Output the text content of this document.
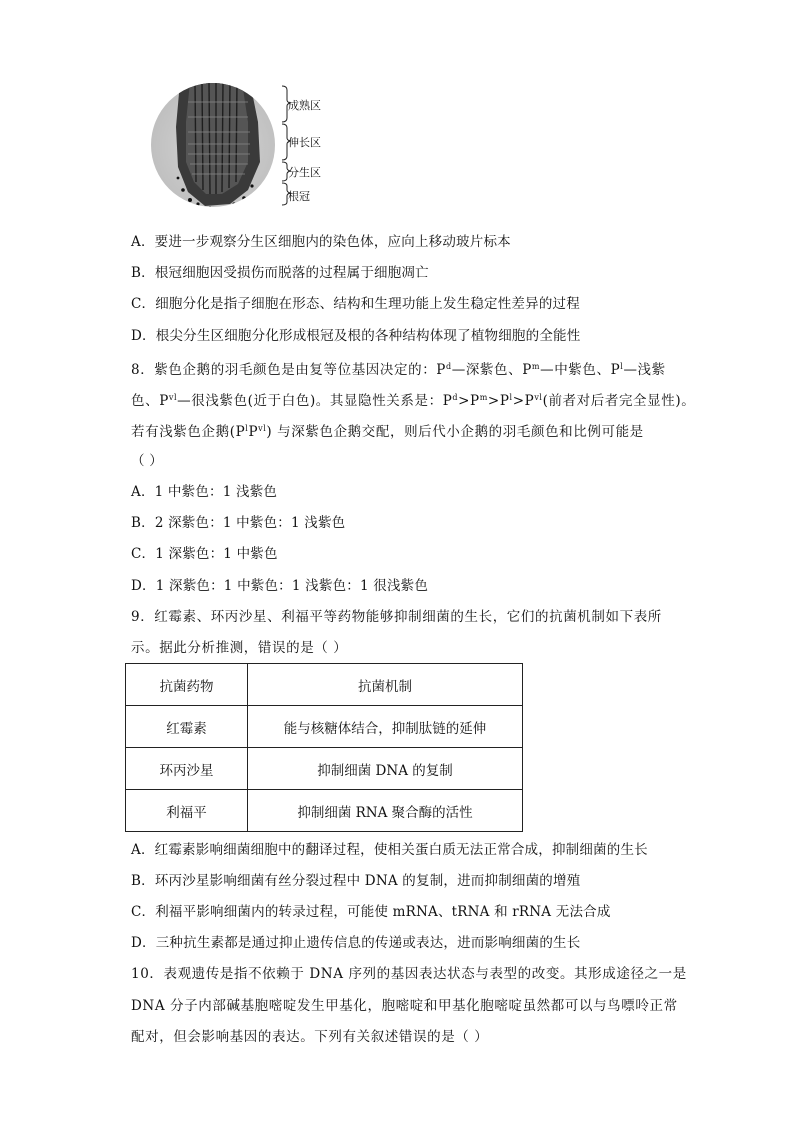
成熟区
伸长区
分生区
根冠
A．要进一步观察分生区细胞内的染色体，应向上移动玻片标本
B．根冠细胞因受损伤而脱落的过程属于细胞凋亡
C．细胞分化是指子细胞在形态、结构和生理功能上发生稳定性差异的过程
D．根尖分生区细胞分化形成根冠及根的各种结构体现了植物细胞的全能性
8．紫色企鹅的羽毛颜色是由复等位基因决定的：$P^d—$深紫色、$P^m—$中紫色、$P^l—$浅紫
色、$P^{vl}—$很浅紫色(近于白色)。其显隐性关系是：$P^d>P^m>P^l>P^{vl}$(前者对后者完全显性)。
若有浅紫色企鹅$(P^lP^{vl})$ 与深紫色企鹅交配，则后代小企鹅的羽毛颜色和比例可能是
（ ）
A．1 中紫色：1 浅紫色
B．2 深紫色：1 中紫色：1 浅紫色
C．1 深紫色：1 中紫色
D．1 深紫色：1 中紫色：1 浅紫色：1 很浅紫色
9．红霉素、环丙沙星、利福平等药物能够抑制细菌的生长，它们的抗菌机制如下表所
示。据此分析推测，错误的是（ ）
抗菌药物	抗菌机制
红霉素	能与核糖体结合，抑制肽链的延伸
环丙沙星	抑制细菌 DNA 的复制
利福平	抑制细菌 RNA 聚合酶的活性
A．红霉素影响细菌细胞中的翻译过程，使相关蛋白质无法正常合成，抑制细菌的生长
B．环丙沙星影响细菌有丝分裂过程中 DNA 的复制，进而抑制细菌的增殖
C．利福平影响细菌内的转录过程，可能使 mRNA、tRNA 和 rRNA 无法合成
D．三种抗生素都是通过抑止遗传信息的传递或表达，进而影响细菌的生长
10．表观遗传是指不依赖于 DNA 序列的基因表达状态与表型的改变。其形成途径之一是
DNA 分子内部碱基胞嘧啶发生甲基化，胞嘧啶和甲基化胞嘧啶虽然都可以与鸟嘌呤正常
配对，但会影响基因的表达。下列有关叙述错误的是（ ）
